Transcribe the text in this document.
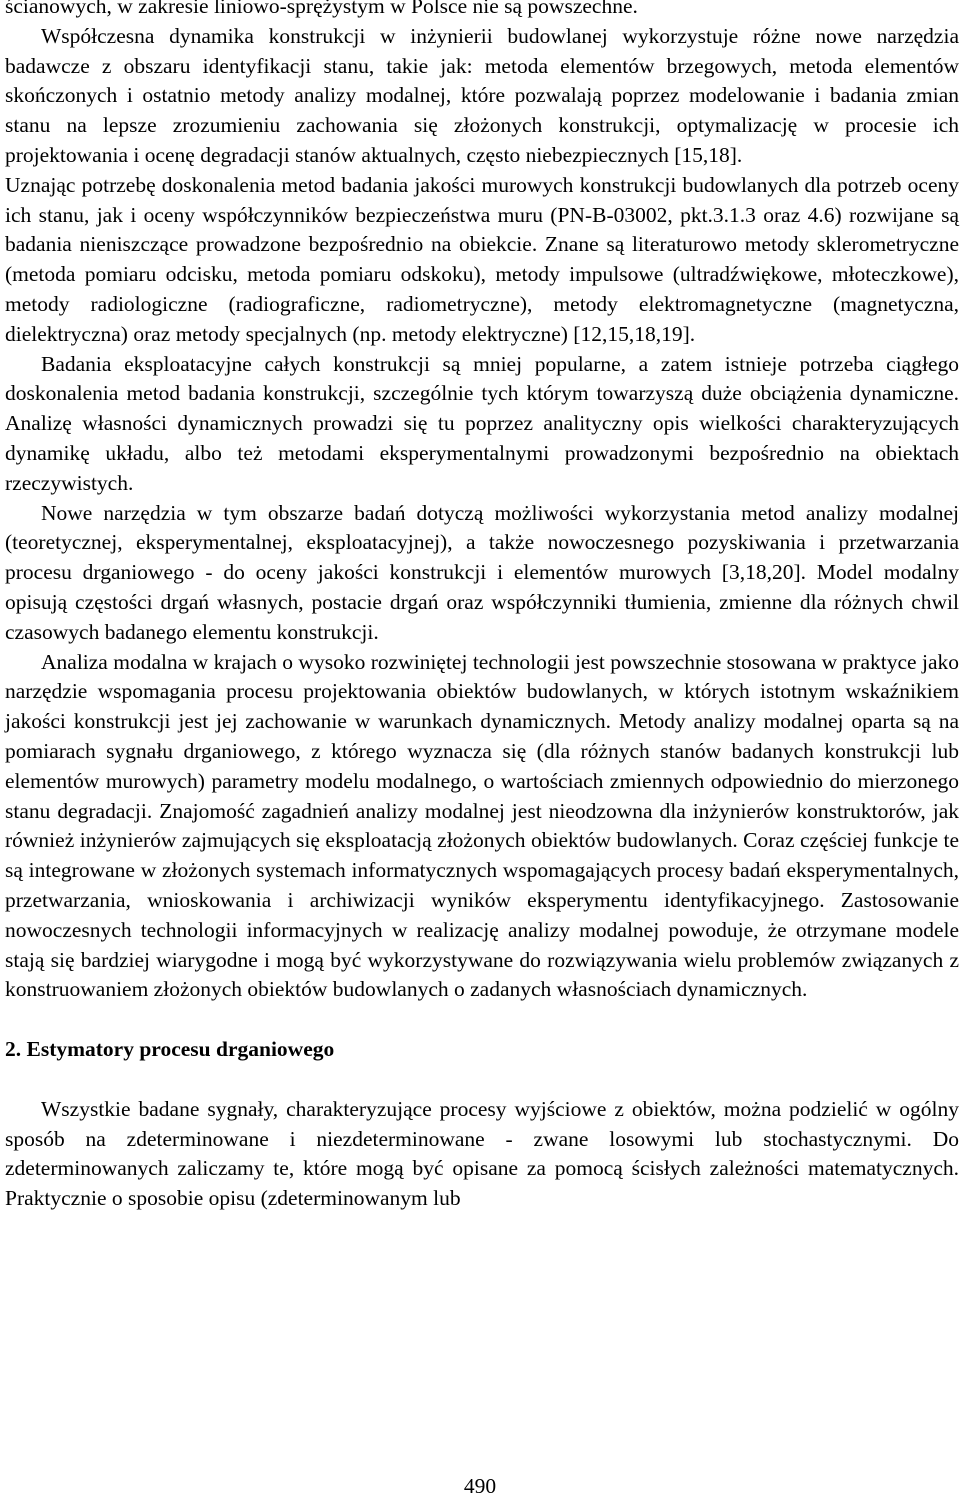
ścianowych, w zakresie liniowo-sprężystym w Polsce nie są powszechne.

Współczesna dynamika konstrukcji w inżynierii budowlanej wykorzystuje różne nowe narzędzia badawcze z obszaru identyfikacji stanu, takie jak: metoda elementów brzegowych, metoda elementów skończonych i ostatnio metody analizy modalnej, które pozwalają poprzez modelowanie i badania zmian stanu na lepsze zrozumieniu zachowania się złożonych konstrukcji, optymalizację w procesie ich projektowania i ocenę degradacji stanów aktualnych, często niebezpiecznych [15,18].

Uznając potrzebę doskonalenia metod badania jakości murowych konstrukcji budowlanych dla potrzeb oceny ich stanu, jak i oceny współczynników bezpieczeństwa muru (PN-B-03002, pkt.3.1.3 oraz 4.6) rozwijane są badania nieniszczące prowadzone bezpośrednio na obiekcie. Znane są literaturowo metody sklerometryczne (metoda pomiaru odcisku, metoda pomiaru odskoku), metody impulsowe (ultradźwiękowe, młoteczkowe), metody radiologiczne (radiograficzne, radiometryczne), metody elektromagnetyczne (magnetyczna, dielektryczna) oraz metody specjalnych (np. metody elektryczne) [12,15,18,19].

Badania eksploatacyjne całych konstrukcji są mniej popularne, a zatem istnieje potrzeba ciągłego doskonalenia metod badania konstrukcji, szczególnie tych którym towarzyszą duże obciążenia dynamiczne. Analizę własności dynamicznych prowadzi się tu poprzez analityczny opis wielkości charakteryzujących dynamikę układu, albo też metodami eksperymentalnymi prowadzonymi bezpośrednio na obiektach rzeczywistych.

Nowe narzędzia w tym obszarze badań dotyczą możliwości wykorzystania metod analizy modalnej (teoretycznej, eksperymentalnej, eksploatacyjnej), a także nowoczesnego pozyskiwania i przetwarzania procesu drganiowego - do oceny jakości konstrukcji i elementów murowych [3,18,20]. Model modalny opisują częstości drgań własnych, postacie drgań oraz współczynniki tłumienia, zmienne dla różnych chwil czasowych badanego elementu konstrukcji.

Analiza modalna w krajach o wysoko rozwiniętej technologii jest powszechnie stosowana w praktyce jako narzędzie wspomagania procesu projektowania obiektów budowlanych, w których istotnym wskaźnikiem jakości konstrukcji jest jej zachowanie w warunkach dynamicznych. Metody analizy modalnej oparta są na pomiarach sygnału drganiowego, z którego wyznacza się (dla różnych stanów badanych konstrukcji lub elementów murowych) parametry modelu modalnego, o wartościach zmiennych odpowiednio do mierzonego stanu degradacji. Znajomość zagadnień analizy modalnej jest nieodzowna dla inżynierów konstruktorów, jak również inżynierów zajmujących się eksploatacją złożonych obiektów budowlanych. Coraz częściej funkcje te są integrowane w złożonych systemach informatycznych wspomagających procesy badań eksperymentalnych, przetwarzania, wnioskowania i archiwizacji wyników eksperymentu identyfikacyjnego. Zastosowanie nowoczesnych technologii informacyjnych w realizację analizy modalnej powoduje, że otrzymane modele stają się bardziej wiarygodne i mogą być wykorzystywane do rozwiązywania wielu problemów związanych z konstruowaniem złożonych obiektów budowlanych o zadanych własnościach dynamicznych.

2. Estymatory procesu drganiowego

Wszystkie badane sygnały, charakteryzujące procesy wyjściowe z obiektów, można podzielić w ogólny sposób na zdeterminowane i niezdeterminowane - zwane losowymi lub stochastycznymi. Do zdeterminowanych zaliczamy te, które mogą być opisane za pomocą ścisłych zależności matematycznych. Praktycznie o sposobie opisu (zdeterminowanym lub

490
